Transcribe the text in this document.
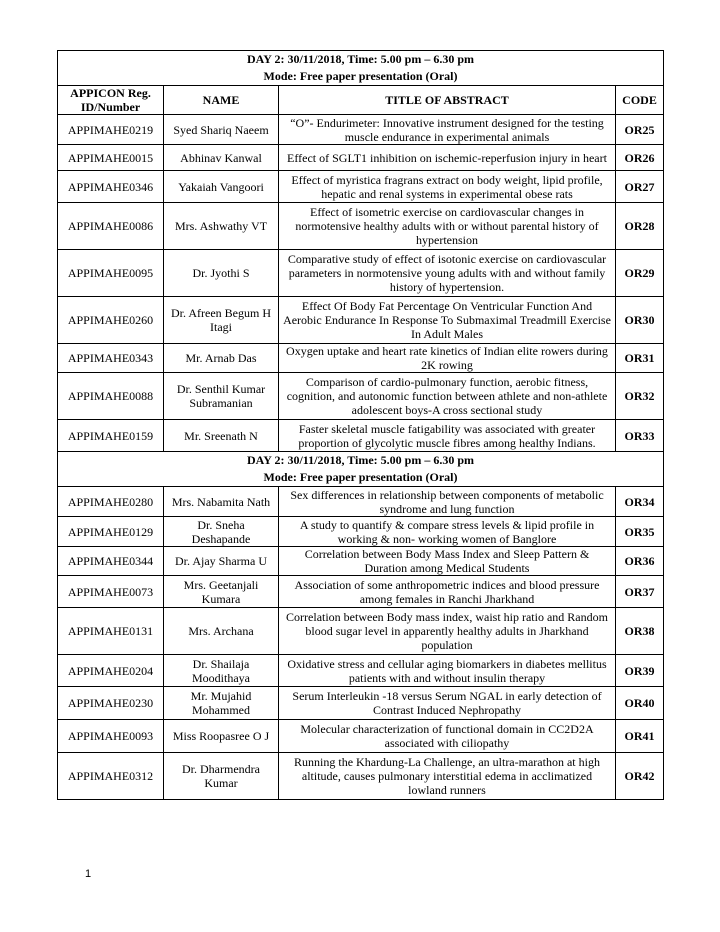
DAY 2: 30/11/2018, Time: 5.00 pm – 6.30 pm
Mode: Free paper presentation (Oral)			

APPICON Reg. ID/Number	NAME	TITLE OF ABSTRACT	CODE
APPIMAHE0219	Syed Shariq Naeem	“O”- Endurimeter: Innovative instrument designed for the testing muscle endurance in experimental animals	OR25
APPIMAHE0015	Abhinav Kanwal	Effect of SGLT1 inhibition on ischemic-reperfusion injury in heart	OR26
APPIMAHE0346	Yakaiah Vangoori	Effect of myristica fragrans extract on body weight, lipid profile, hepatic and renal systems in experimental obese rats	OR27
APPIMAHE0086	Mrs. Ashwathy VT	Effect of isometric exercise on cardiovascular changes in normotensive healthy adults with or without parental history of hypertension	OR28
APPIMAHE0095	Dr. Jyothi S	Comparative study of effect of isotonic exercise on cardiovascular parameters in normotensive young adults with and without family history of hypertension.	OR29
APPIMAHE0260	Dr. Afreen Begum H Itagi	Effect Of Body Fat Percentage On Ventricular Function And Aerobic Endurance In Response To Submaximal Treadmill Exercise In Adult Males	OR30
APPIMAHE0343	Mr. Arnab Das	Oxygen uptake and heart rate kinetics of Indian elite rowers during 2K rowing	OR31
APPIMAHE0088	Dr. Senthil Kumar Subramanian	Comparison of cardio-pulmonary function, aerobic fitness, cognition, and autonomic function between athlete and non-athlete adolescent boys-A cross sectional study	OR32
APPIMAHE0159	Mr. Sreenath N	Faster skeletal muscle fatigability was associated with greater proportion of glycolytic muscle fibres among healthy Indians.	OR33

DAY 2: 30/11/2018, Time: 5.00 pm – 6.30 pm
Mode: Free paper presentation (Oral)			

APPIMAHE0280	Mrs. Nabamita Nath	Sex differences in relationship between components of metabolic syndrome and lung function	OR34
APPIMAHE0129	Dr. Sneha Deshapande	A study to quantify & compare stress levels & lipid profile in working & non- working women of Banglore	OR35
APPIMAHE0344	Dr. Ajay Sharma U	Correlation between Body Mass Index and Sleep Pattern & Duration among Medical Students	OR36
APPIMAHE0073	Mrs. Geetanjali Kumara	Association of some anthropometric indices and blood pressure among females in Ranchi Jharkhand	OR37
APPIMAHE0131	Mrs. Archana	Correlation between Body mass index, waist hip ratio and Random blood sugar level in apparently healthy adults in Jharkhand population	OR38
APPIMAHE0204	Dr. Shailaja Moodithaya	Oxidative stress and cellular aging biomarkers in diabetes mellitus patients with and without insulin therapy	OR39
APPIMAHE0230	Mr. Mujahid Mohammed	Serum Interleukin -18 versus Serum NGAL in early detection of Contrast Induced Nephropathy	OR40
APPIMAHE0093	Miss Roopasree O J	Molecular characterization of functional domain in CC2D2A associated with ciliopathy	OR41
APPIMAHE0312	Dr. Dharmendra Kumar	Running the Khardung-La Challenge, an ultra-marathon at high altitude, causes pulmonary interstitial edema in acclimatized lowland runners	OR42
1
